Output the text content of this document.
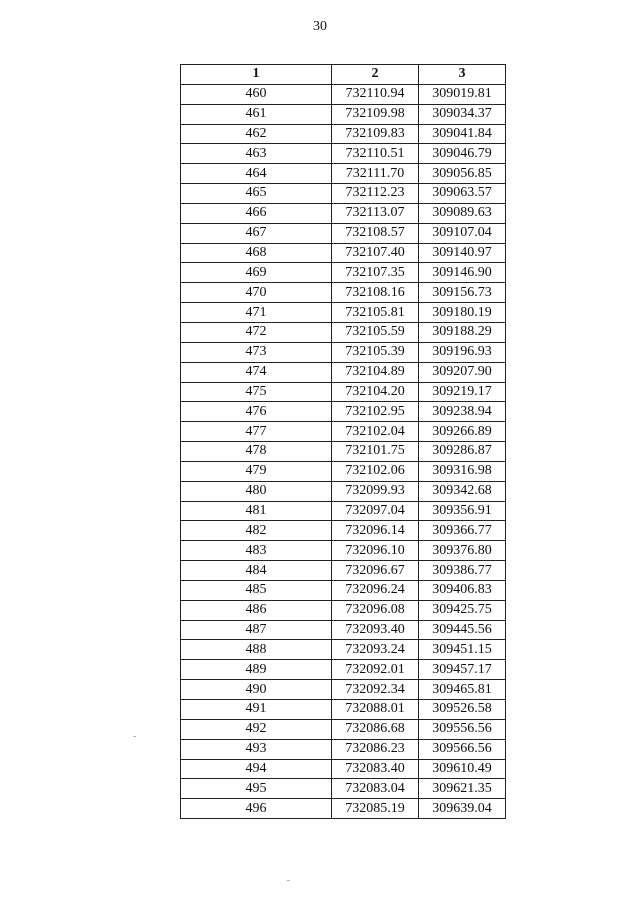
30
1	2	3
460	732110.94	309019.81
461	732109.98	309034.37
462	732109.83	309041.84
463	732110.51	309046.79
464	732111.70	309056.85
465	732112.23	309063.57
466	732113.07	309089.63
467	732108.57	309107.04
468	732107.40	309140.97
469	732107.35	309146.90
470	732108.16	309156.73
471	732105.81	309180.19
472	732105.59	309188.29
473	732105.39	309196.93
474	732104.89	309207.90
475	732104.20	309219.17
476	732102.95	309238.94
477	732102.04	309266.89
478	732101.75	309286.87
479	732102.06	309316.98
480	732099.93	309342.68
481	732097.04	309356.91
482	732096.14	309366.77
483	732096.10	309376.80
484	732096.67	309386.77
485	732096.24	309406.83
486	732096.08	309425.75
487	732093.40	309445.56
488	732093.24	309451.15
489	732092.01	309457.17
490	732092.34	309465.81
491	732088.01	309526.58
492	732086.68	309556.56
493	732086.23	309566.56
494	732083.40	309610.49
495	732083.04	309621.35
496	732085.19	309639.04
